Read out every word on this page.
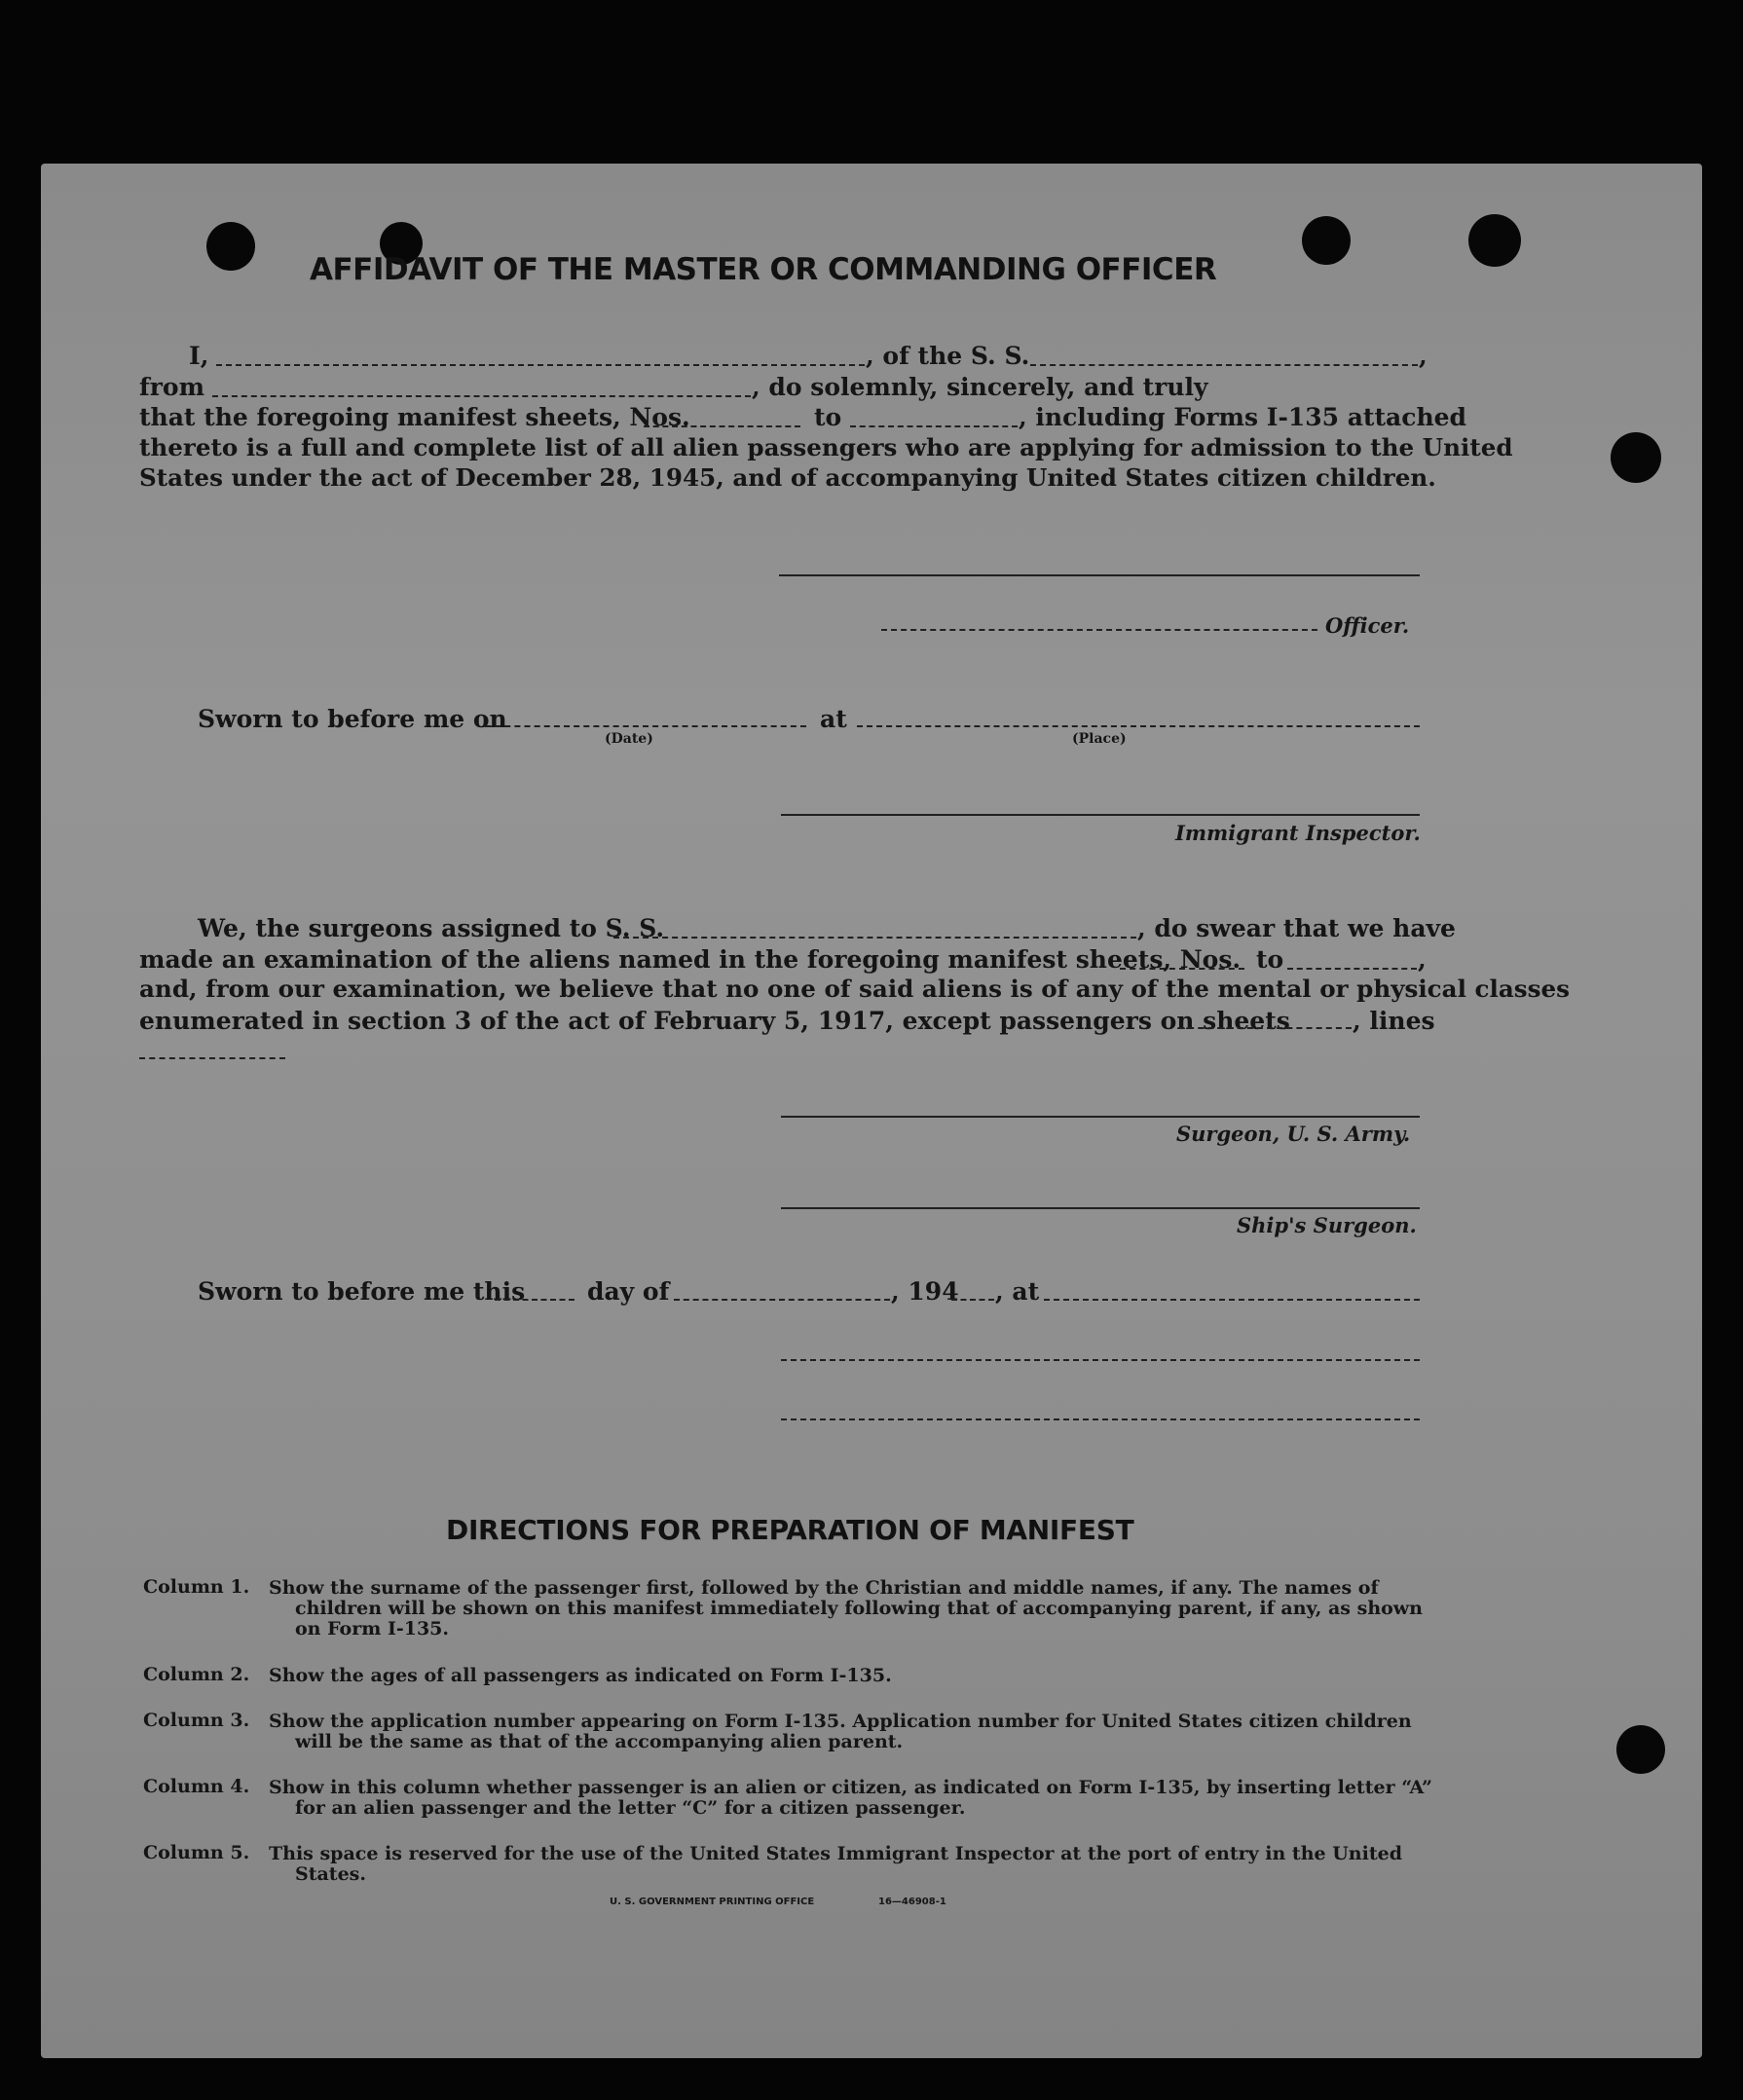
AFFIDAVIT OF THE MASTER OR COMMANDING OFFICER
I,	, of the S. S.	,
from	, do solemnly, sincerely, and truly
that the foregoing manifest sheets, Nos.	to	, including Forms I-135 attached
thereto is a full and complete list of all alien passengers who are applying for admission to the United
States under the act of December 28, 1945, and of accompanying United States citizen children.
Officer.
Sworn to before me on
(Date)
at
(Place)
Immigrant Inspector.
We, the surgeons assigned to S. S.	, do swear that we have
made an examination of the aliens named in the foregoing manifest sheets, Nos. to	,
and, from our examination, we believe that no one of said aliens is of any of the mental or physical classes
enumerated in section 3 of the act of February 5, 1917, except passengers on sheets	, lines
Surgeon, U. S. Army.
Ship's Surgeon.
Sworn to before me this	day of	, 194 , at
DIRECTIONS FOR PREPARATION OF MANIFEST
Column 1. Show the surname of the passenger first, followed by the Christian and middle names, if any. The names of
children will be shown on this manifest immediately following that of accompanying parent, if any, as shown
on Form I-135.
Column 2. Show the ages of all passengers as indicated on Form I-135.
Column 3. Show the application number appearing on Form I-135. Application number for United States citizen children
will be the same as that of the accompanying alien parent.
Column 4. Show in this column whether passenger is an alien or citizen, as indicated on Form I-135, by inserting letter “A”
for an alien passenger and the letter “C” for a citizen passenger.
Column 5. This space is reserved for the use of the United States Immigrant Inspector at the port of entry in the United
States.
U. S. GOVERNMENT PRINTING OFFICE	16—46908-1
